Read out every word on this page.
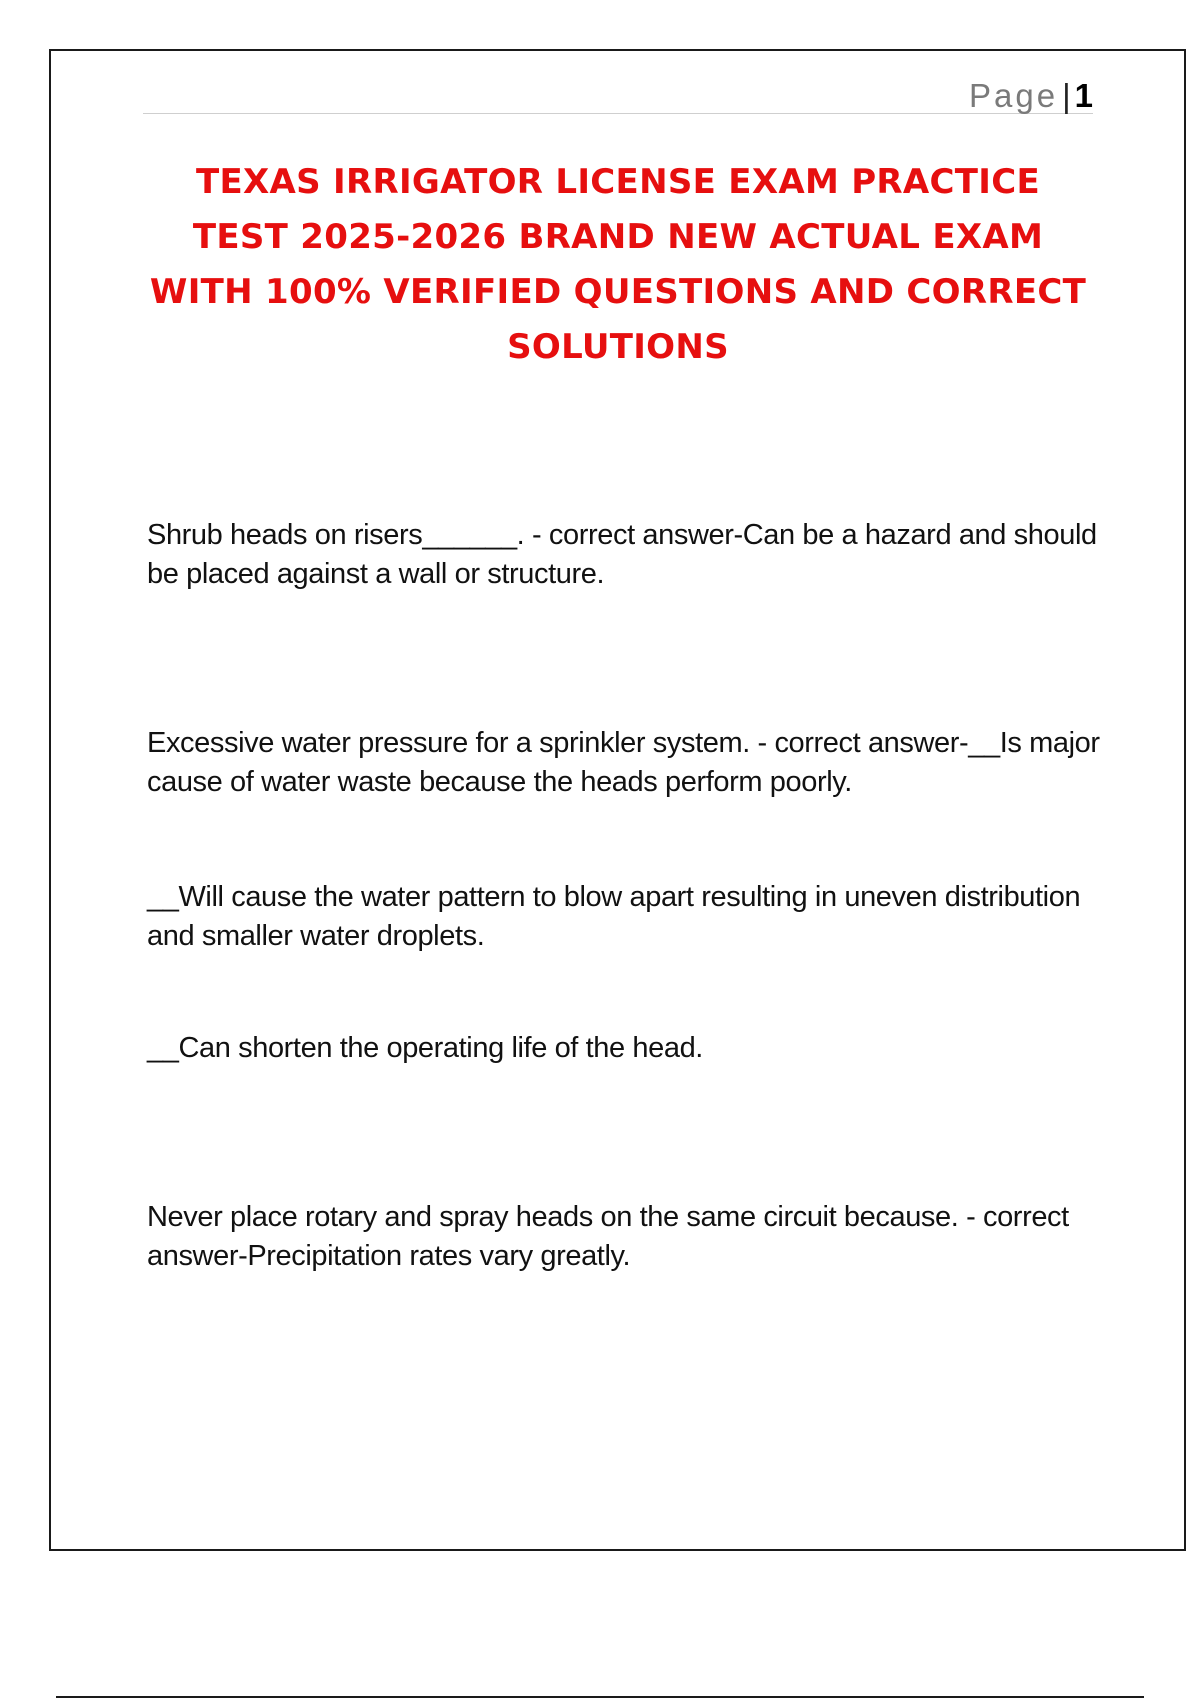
Page | 1
TEXAS IRRIGATOR LICENSE EXAM PRACTICE TEST 2025-2026 BRAND NEW ACTUAL EXAM WITH 100% VERIFIED QUESTIONS AND CORRECT SOLUTIONS

Shrub heads on risers______. - correct answer-Can be a hazard and should be placed against a wall or structure.

Excessive water pressure for a sprinkler system. - correct answer-__Is major cause of water waste because the heads perform poorly.

__Will cause the water pattern to blow apart resulting in uneven distribution and smaller water droplets.

__Can shorten the operating life of the head.

Never place rotary and spray heads on the same circuit because. - correct answer-Precipitation rates vary greatly.
